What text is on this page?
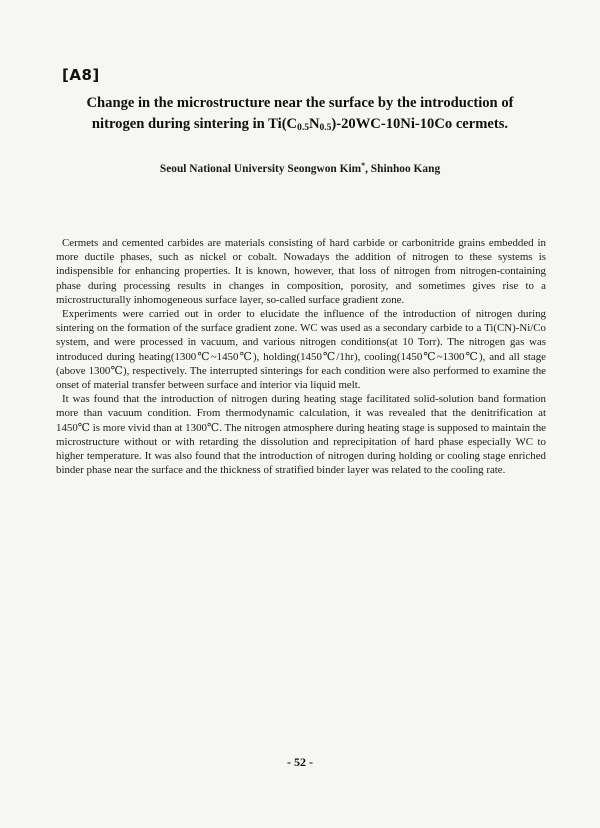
[A8]
Change in the microstructure near the surface by the introduction of
nitrogen during sintering in $Ti(C_{0.5}N_{0.5})-20WC-10Ni-10Co$ cermets.
Seoul National University Seongwon Kim*, Shinhoo Kang

Cermets and cemented carbides are materials consisting of hard carbide or carbonitride grains embedded in more ductile phases, such as nickel or cobalt. Nowadays the addition of nitrogen to these systems is indispensible for enhancing properties. It is known, however, that loss of nitrogen from nitrogen-containing phase during processing results in changes in composition, porosity, and sometimes gives rise to a microstructurally inhomogeneous surface layer, so-called surface gradient zone.

Experiments were carried out in order to elucidate the influence of the introduction of nitrogen during sintering on the formation of the surface gradient zone. WC was used as a secondary carbide to a Ti(CN)-Ni/Co system, and were processed in vacuum, and various nitrogen conditions(at 10 Torr). The nitrogen gas was introduced during heating(1300℃~1450℃), holding(1450℃/1hr), cooling(1450℃~1300℃), and all stage (above 1300℃), respectively. The interrupted sinterings for each condition were also performed to examine the onset of material transfer between surface and interior via liquid melt.

It was found that the introduction of nitrogen during heating stage facilitated solid-solution band formation more than vacuum condition. From thermodynamic calculation, it was revealed that the denitrification at 1450℃ is more vivid than at 1300℃. The nitrogen atmosphere during heating stage is supposed to maintain the microstructure without or with retarding the dissolution and reprecipitation of hard phase especially WC to higher temperature. It was also found that the introduction of nitrogen during holding or cooling stage enriched binder phase near the surface and the thickness of stratified binder layer was related to the cooling rate.

- 52 -
